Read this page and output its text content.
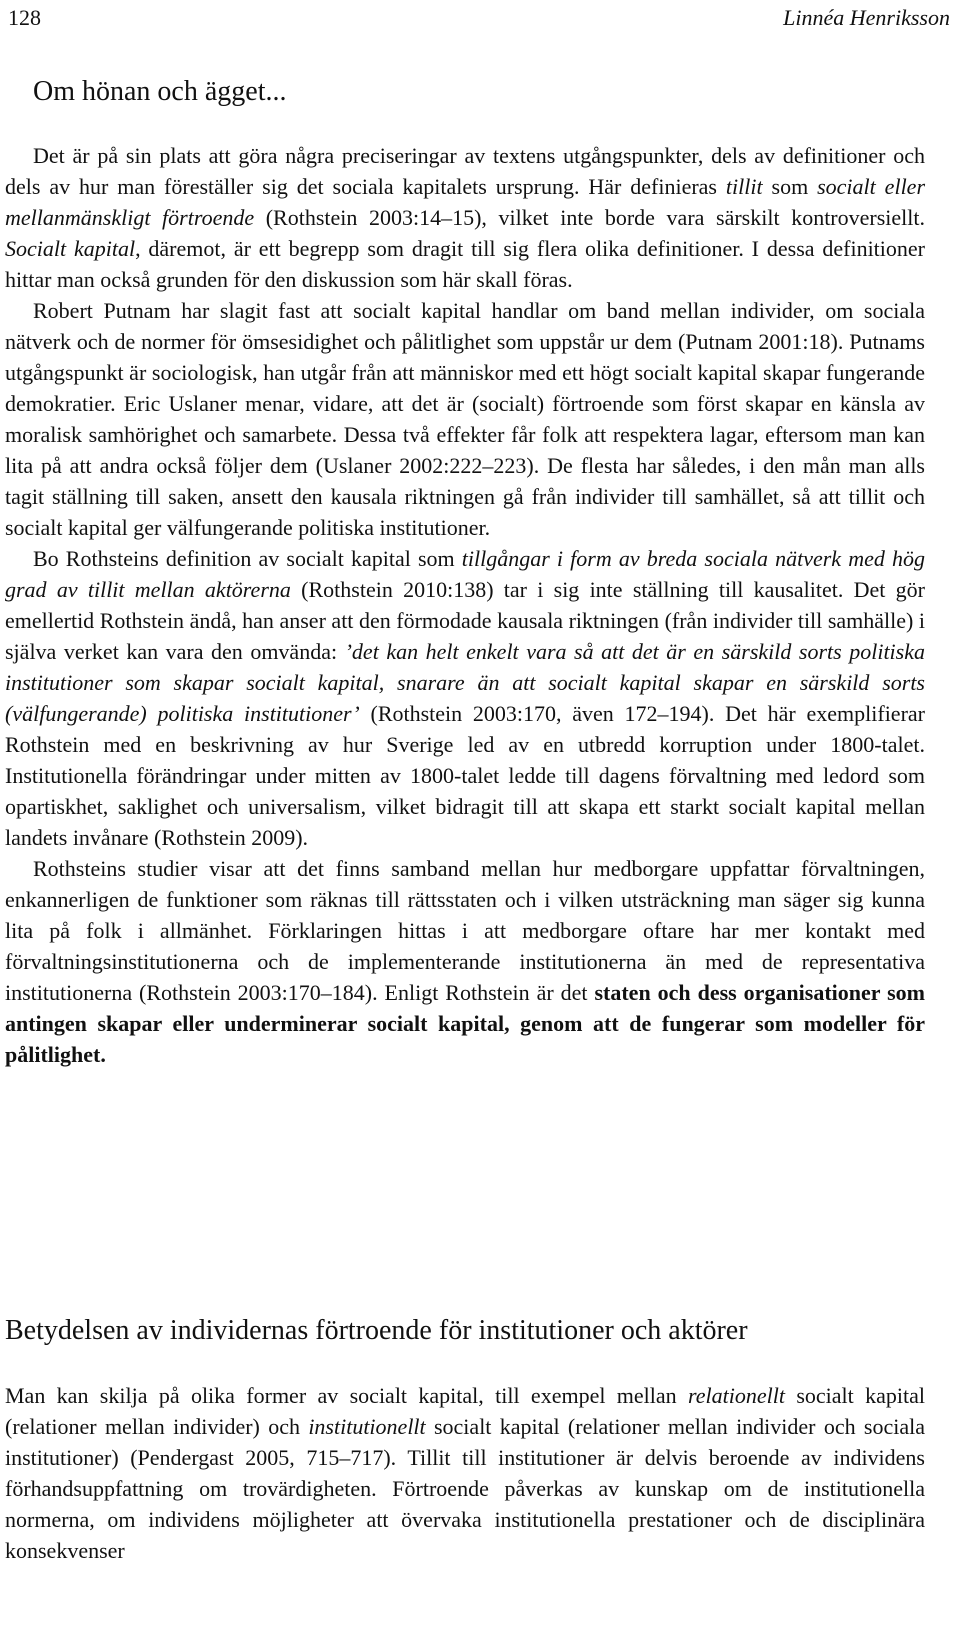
128	Linnéa Henriksson
Om hönan och ägget...

Det är på sin plats att göra några preciseringar av textens utgångspunkter, dels av definitioner och dels av hur man föreställer sig det sociala kapitalets ursprung. Här definieras tillit som socialt eller mellanmänskligt förtroende (Rothstein 2003:14–15), vilket inte borde vara särskilt kontroversiellt. Socialt kapital, däremot, är ett begrepp som dragit till sig flera olika definitioner. I dessa definitioner hittar man också grunden för den diskussion som här skall föras.

Robert Putnam har slagit fast att socialt kapital handlar om band mellan individer, om sociala nätverk och de normer för ömsesidighet och pålitlighet som uppstår ur dem (Putnam 2001:18). Putnams utgångspunkt är sociologisk, han utgår från att människor med ett högt socialt kapital skapar fungerande demokratier. Eric Uslaner menar, vidare, att det är (socialt) förtroende som först skapar en känsla av moralisk samhörighet och samarbete. Dessa två effekter får folk att respektera lagar, eftersom man kan lita på att andra också följer dem (Uslaner 2002:222–223). De flesta har således, i den mån man alls tagit ställning till saken, ansett den kausala riktningen gå från individer till samhället, så att tillit och socialt kapital ger välfungerande politiska institutioner.

Bo Rothsteins definition av socialt kapital som tillgångar i form av breda sociala nätverk med hög grad av tillit mellan aktörerna (Rothstein 2010:138) tar i sig inte ställning till kausalitet. Det gör emellertid Rothstein ändå, han anser att den förmodade kausala riktningen (från individer till samhälle) i själva verket kan vara den omvända: ’det kan helt enkelt vara så att det är en särskild sorts politiska institutioner som skapar socialt kapital, snarare än att socialt kapital skapar en särskild sorts (välfungerande) politiska institutioner’ (Rothstein 2003:170, även 172–194). Det här exemplifierar Rothstein med en beskrivning av hur Sverige led av en utbredd korruption under 1800-talet. Institutionella förändringar under mitten av 1800-talet ledde till dagens förvaltning med ledord som opartiskhet, saklighet och universalism, vilket bidragit till att skapa ett starkt socialt kapital mellan landets invånare (Rothstein 2009).

Rothsteins studier visar att det finns samband mellan hur medborgare uppfattar förvaltningen, enkannerligen de funktioner som räknas till rättsstaten och i vilken utsträckning man säger sig kunna lita på folk i allmänhet. Förklaringen hittas i att medborgare oftare har mer kontakt med förvaltningsinstitutionerna och de implementerande institutionerna än med de representativa institutionerna (Rothstein 2003:170–184). Enligt Rothstein är det staten och dess organisationer som antingen skapar eller underminerar socialt kapital, genom att de fungerar som modeller för pålitlighet.

Betydelsen av individernas förtroende för institutioner och aktörer

Man kan skilja på olika former av socialt kapital, till exempel mellan relationellt socialt kapital (relationer mellan individer) och institutionellt socialt kapital (relationer mellan individer och sociala institutioner) (Pendergast 2005, 715–717). Tillit till institutioner är delvis beroende av individens förhandsuppfattning om trovärdigheten. Förtroende påverkas av kunskap om de institutionella normerna, om individens möjligheter att övervaka institutionella prestationer och de disciplinära konsekvenser
